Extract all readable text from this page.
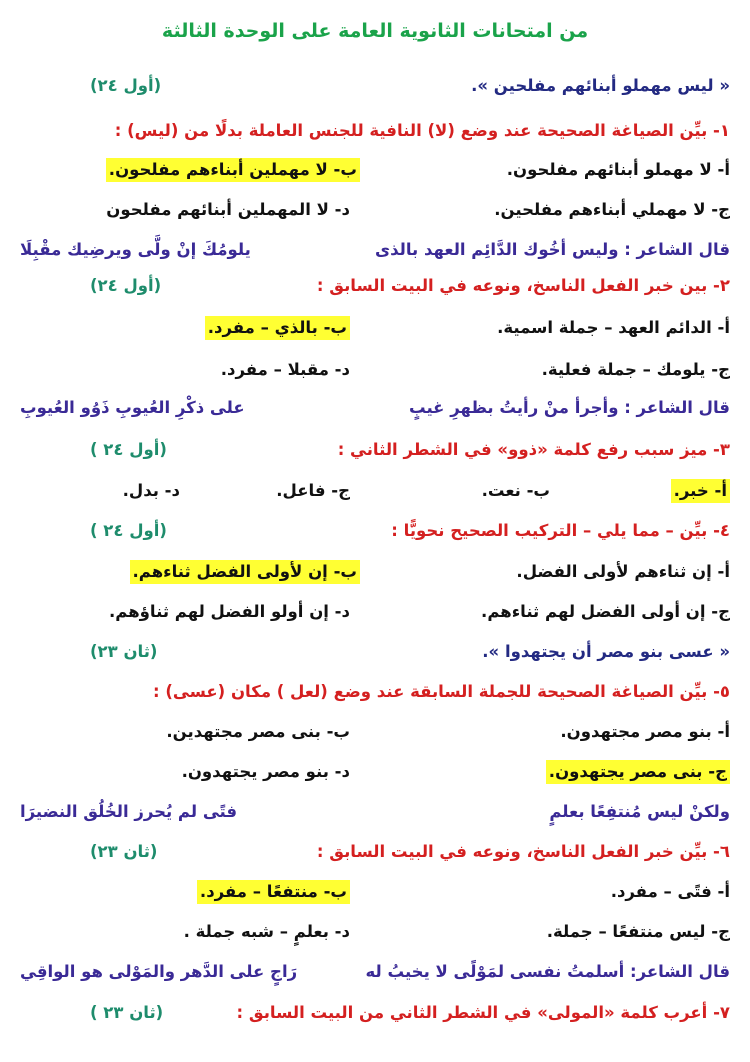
من امتحانات الثانوية العامة على الوحدة الثالثة
« ليس مهملو أبنائهم مفلحين ».
(أول ٢٤)
١- بيِّن الصياغة الصحيحة عند وضع (لا) النافية للجنس العاملة بدلًا من (ليس) :
أ- لا مهملو أبنائهم مفلحون.
ب- لا مهملين أبناءهم مفلحون.
ج- لا مهملي أبناءهم مفلحين.
د- لا المهملين أبنائهم مفلحون
قال الشاعر : وليس أخُوك الدَّائِم العهد بالذى
يلومُكَ إنْ ولَّى ويرضِيك مقْبِلَا
٢- بين خبر الفعل الناسخ، ونوعه في البيت السابق :
(أول ٢٤)
أ- الدائم العهد – جملة اسمية.
ب- بالذي – مفرد.
ج- يلومك – جملة فعلية.
د- مقبلا – مفرد.
قال الشاعر : وأجرأ منْ رأيتُ بظهرِ غيبٍ
على ذكْرِ العُيوبِ ذَوُو العُيوبِ
٣- ميز سبب رفع كلمة «ذوو» في الشطر الثاني :
(أول ٢٤ )
أ- خبر.
ب- نعت.
ج- فاعل.
د- بدل.
٤- بيِّن – مما يلي – التركيب الصحيح نحويًّا :
(أول ٢٤ )
أ- إن ثناءهم لأولى الفضل.
ب- إن لأولى الفضل ثناءهم.
ج- إن أولى الفضل لهم ثناءهم.
د- إن أولو الفضل لهم ثناؤهم.
« عسى بنو مصر أن يجتهدوا ».
(ثان ٢٣)
٥- بيِّن الصياغة الصحيحة للجملة السابقة عند وضع (لعل ) مكان (عسى) :
أ- بنو مصر مجتهدون.
ب- بنى مصر مجتهدين.
ج- بنى مصر يجتهدون.
د- بنو مصر يجتهدون.
ولكنْ ليس مُنتفِعًا بعلمٍ
فتًى لم يُحرز الخُلُق النضيرَا
٦- بيِّن خبر الفعل الناسخ، ونوعه في البيت السابق :
(ثان ٢٣)
أ- فتًى – مفرد.
ب- منتفعًا – مفرد.
ج- ليس منتفعًا – جملة.
د- بعلمٍ – شبه جملة .
قال الشاعر: أسلمتُ نفسى لمَوْلًى لا يخيبُ له
رَاجٍ على الدَّهر والمَوْلى هو الواقِي
٧- أعرب كلمة «المولى» في الشطر الثاني من البيت السابق :
(ثان ٢٣ )
